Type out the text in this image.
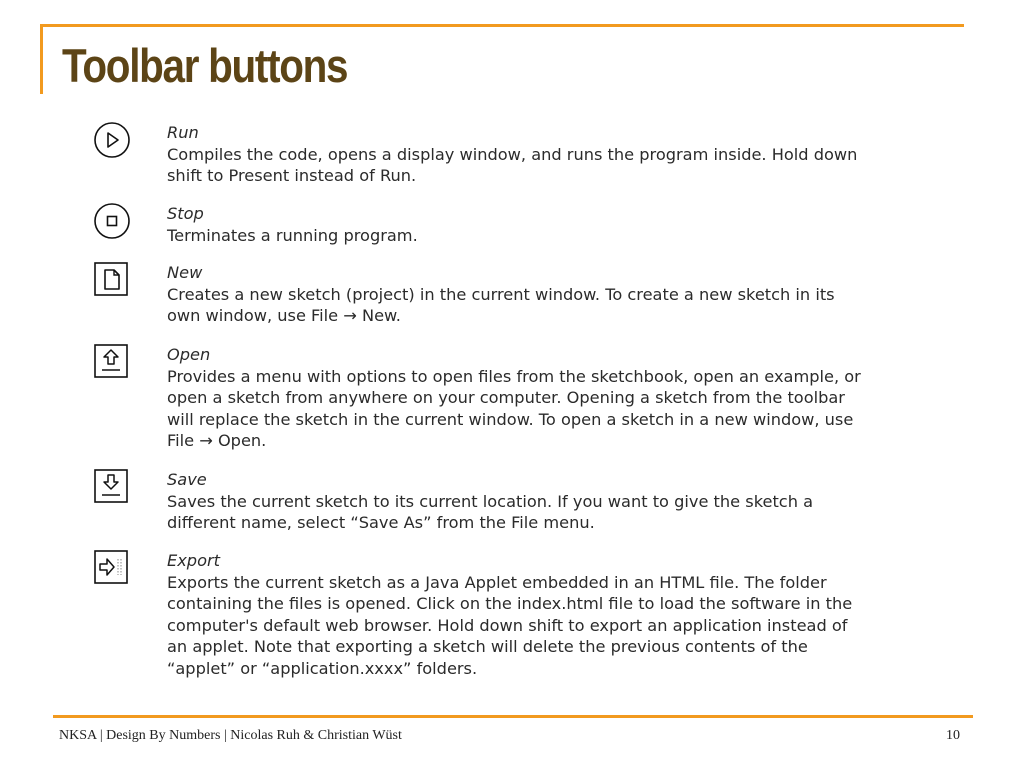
Toolbar buttons
Run
Compiles the code, opens a display window, and runs the program inside. Hold down
shift to Present instead of Run.
Stop
Terminates a running program.
New
Creates a new sketch (project) in the current window. To create a new sketch in its
own window, use File → New.
Open
Provides a menu with options to open files from the sketchbook, open an example, or
open a sketch from anywhere on your computer. Opening a sketch from the toolbar
will replace the sketch in the current window. To open a sketch in a new window, use
File → Open.
Save
Saves the current sketch to its current location. If you want to give the sketch a
different name, select “Save As” from the File menu.
Export
Exports the current sketch as a Java Applet embedded in an HTML file. The folder
containing the files is opened. Click on the index.html file to load the software in the
computer's default web browser. Hold down shift to export an application instead of
an applet. Note that exporting a sketch will delete the previous contents of the
“applet” or “application.xxxx” folders.
NKSA | Design By Numbers | Nicolas Ruh & Christian Wüst	10
